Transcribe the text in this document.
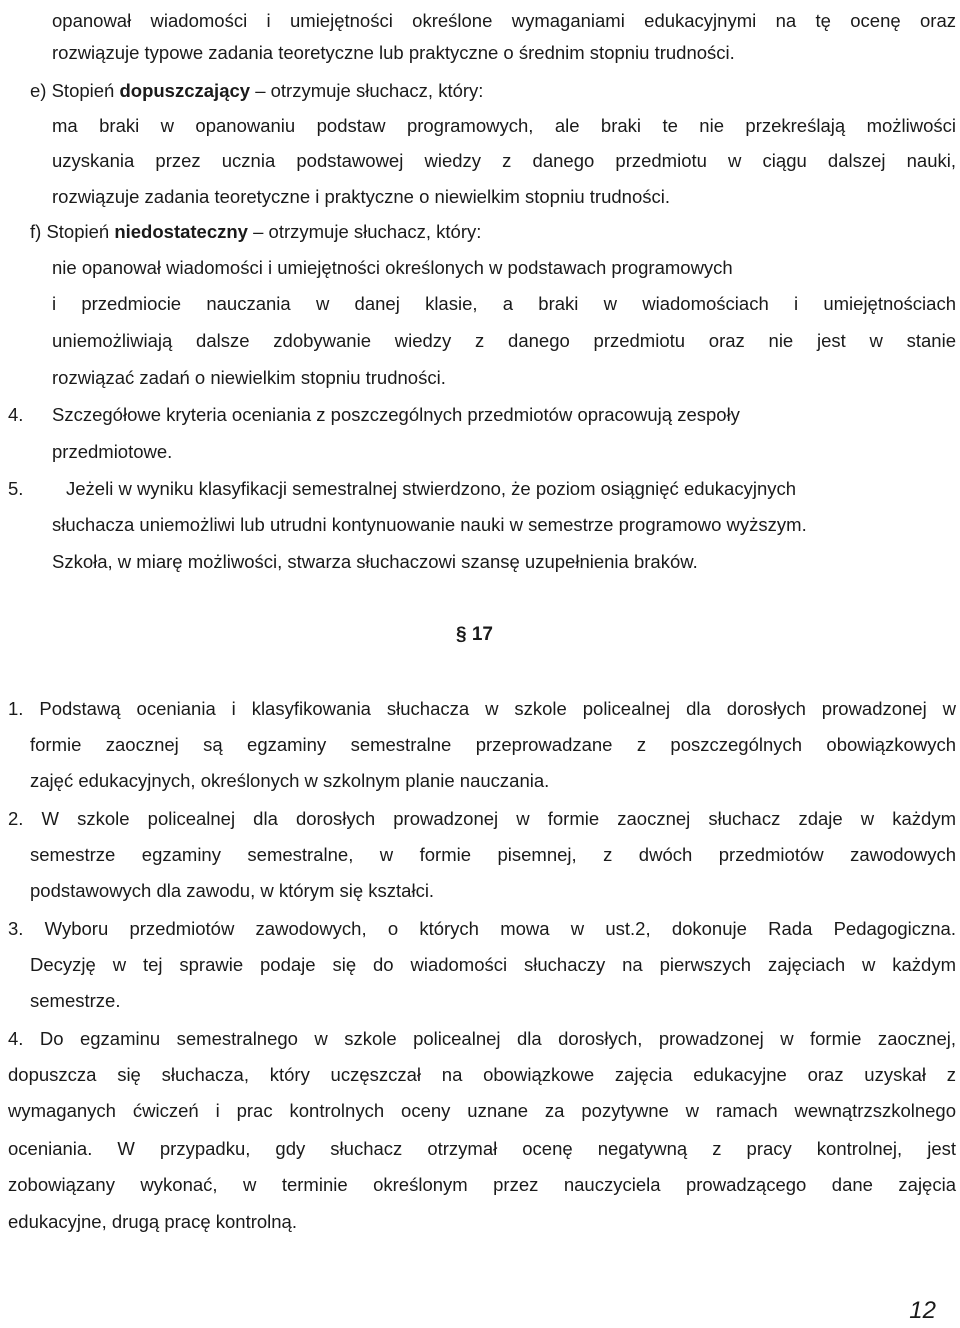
opanował wiadomości i umiejętności określone wymaganiami edukacyjnymi na tę ocenę oraz
rozwiązuje typowe zadania teoretyczne lub praktyczne o średnim stopniu trudności.
e) Stopień dopuszczający – otrzymuje słuchacz, który:
ma braki w opanowaniu podstaw programowych, ale braki te nie przekreślają możliwości
uzyskania przez ucznia podstawowej wiedzy z danego przedmiotu w ciągu dalszej nauki,
rozwiązuje zadania teoretyczne i praktyczne o niewielkim stopniu trudności.
f) Stopień niedostateczny – otrzymuje słuchacz, który:
nie opanował wiadomości i umiejętności określonych w podstawach programowych
i przedmiocie nauczania w danej klasie, a braki w wiadomościach i umiejętnościach
uniemożliwiają dalsze zdobywanie wiedzy z danego przedmiotu oraz nie jest w stanie
rozwiązać zadań o niewielkim stopniu trudności.
4. Szczegółowe kryteria oceniania z poszczególnych przedmiotów opracowują zespoły
przedmiotowe.
5. Jeżeli w wyniku klasyfikacji semestralnej stwierdzono, że poziom osiągnięć edukacyjnych
słuchacza uniemożliwi lub utrudni kontynuowanie nauki w semestrze programowo wyższym.
Szkoła, w miarę możliwości, stwarza słuchaczowi szansę uzupełnienia braków.
§ 17
1. Podstawą oceniania i klasyfikowania słuchacza w szkole policealnej dla dorosłych prowadzonej w
formie zaocznej są egzaminy semestralne przeprowadzane z poszczególnych obowiązkowych
zajęć edukacyjnych, określonych w szkolnym planie nauczania.
2. W szkole policealnej dla dorosłych prowadzonej w formie zaocznej słuchacz zdaje w każdym
semestrze egzaminy semestralne, w formie pisemnej, z dwóch przedmiotów zawodowych
podstawowych dla zawodu, w którym się kształci.
3. Wyboru przedmiotów zawodowych, o których mowa w ust.2, dokonuje Rada Pedagogiczna.
Decyzję w tej sprawie podaje się do wiadomości słuchaczy na pierwszych zajęciach w każdym
semestrze.
4. Do egzaminu semestralnego w szkole policealnej dla dorosłych, prowadzonej w formie zaocznej,
dopuszcza się słuchacza, który uczęszczał na obowiązkowe zajęcia edukacyjne oraz uzyskał z
wymaganych ćwiczeń i prac kontrolnych oceny uznane za pozytywne w ramach wewnątrzszkolnego
oceniania. W przypadku, gdy słuchacz otrzymał ocenę negatywną z pracy kontrolnej, jest
zobowiązany wykonać, w terminie określonym przez nauczyciela prowadzącego dane zajęcia
edukacyjne, drugą pracę kontrolną.
12
